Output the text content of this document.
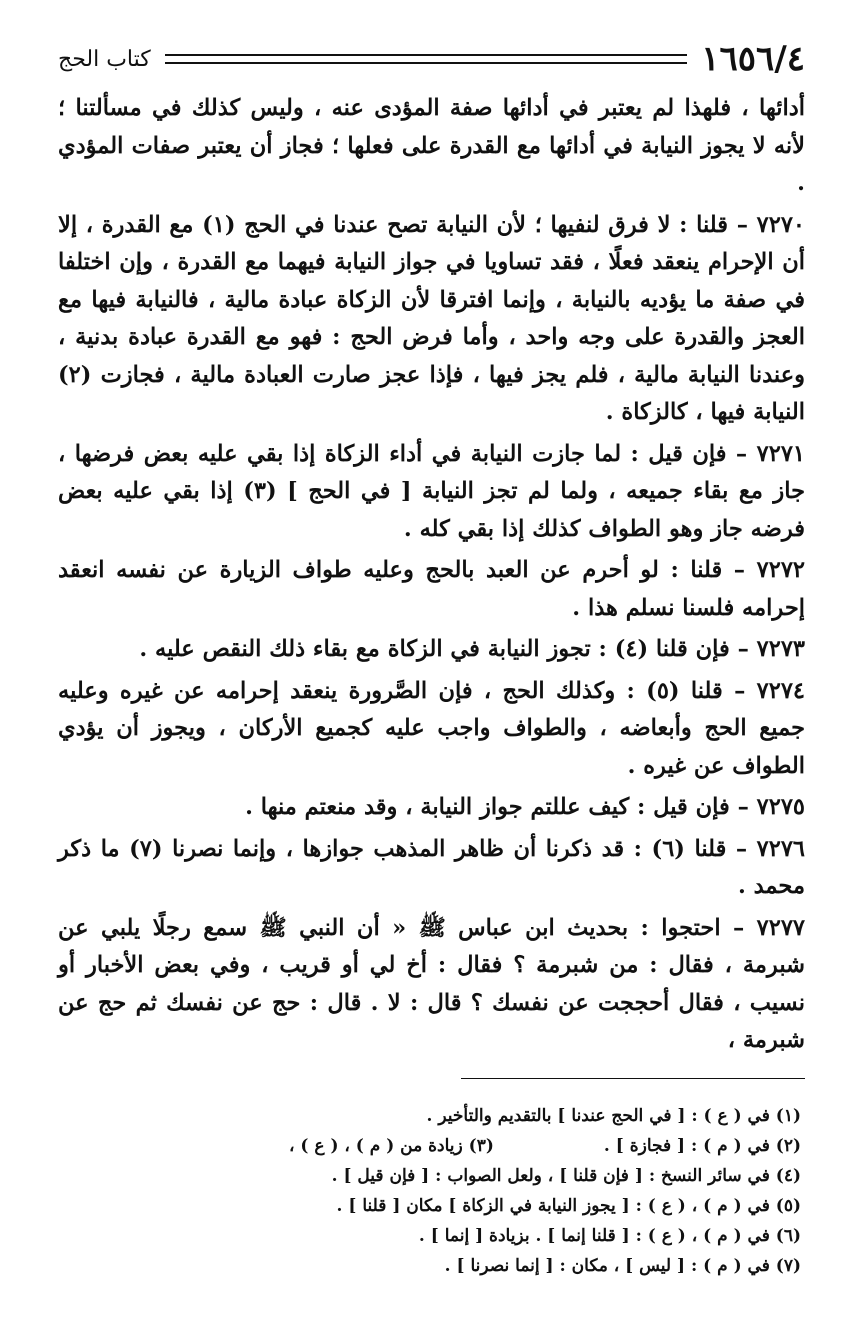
١٦٥٦/٤
كتاب الحج

أدائها ، فلهذا لم يعتبر في أدائها صفة المؤدى عنه ، وليس كذلك في مسألتنا ؛ لأنه لا يجوز النيابة في أدائها مع القدرة على فعلها ؛ فجاز أن يعتبر صفات المؤدي .

٧٢٧٠ – قلنا : لا فرق لنفيها ؛ لأن النيابة تصح عندنا في الحج (١) مع القدرة ، إلا أن الإحرام ينعقد فعلًا ، فقد تساويا في جواز النيابة فيهما مع القدرة ، وإن اختلفا في صفة ما يؤديه بالنيابة ، وإنما افترقا لأن الزكاة عبادة مالية ، فالنيابة فيها مع العجز والقدرة على وجه واحد ، وأما فرض الحج : فهو مع القدرة عبادة بدنية ، وعندنا النيابة مالية ، فلم يجز فيها ، فإذا عجز صارت العبادة مالية ، فجازت (٢) النيابة فيها ، كالزكاة .

٧٢٧١ – فإن قيل : لما جازت النيابة في أداء الزكاة إذا بقي عليه بعض فرضها ، جاز مع بقاء جميعه ، ولما لم تجز النيابة [ في الحج ] (٣) إذا بقي عليه بعض فرضه جاز وهو الطواف كذلك إذا بقي كله .

٧٢٧٢ – قلنا : لو أحرم عن العبد بالحج وعليه طواف الزيارة عن نفسه انعقد إحرامه فلسنا نسلم هذا .

٧٢٧٣ – فإن قلنا (٤) : تجوز النيابة في الزكاة مع بقاء ذلك النقص عليه .

٧٢٧٤ – قلنا (٥) : وكذلك الحج ، فإن الصَّرورة ينعقد إحرامه عن غيره وعليه جميع الحج وأبعاضه ، والطواف واجب عليه كجميع الأركان ، ويجوز أن يؤدي الطواف عن غيره .

٧٢٧٥ – فإن قيل : كيف عللتم جواز النيابة ، وقد منعتم منها .

٧٢٧٦ – قلنا (٦) : قد ذكرنا أن ظاهر المذهب جوازها ، وإنما نصرنا (٧) ما ذكر محمد .

٧٢٧٧ – احتجوا : بحديث ابن عباس ﷺ « أن النبي ﷺ سمع رجلًا يلبي عن شبرمة ، فقال : من شبرمة ؟ فقال : أخ لي أو قريب ، وفي بعض الأخبار أو نسيب ، فقال أحججت عن نفسك ؟ قال : لا . قال : حج عن نفسك ثم حج عن شبرمة ،

(١) في ( ع ) : [ في الحج عندنا ] بالتقديم والتأخير .
(٢) في ( م ) : [ فجازة ] .
(٣) زيادة من ( م ) ، ( ع ) ،
(٤) في سائر النسخ : [ فإن قلنا ] ، ولعل الصواب : [ فإن قيل ] .
(٥) في ( م ) ، ( ع ) : [ يجوز النيابة في الزكاة ] مكان [ قلنا ] .
(٦) في ( م ) ، ( ع ) : [ قلنا إنما ] . بزيادة [ إنما ] .
(٧) في ( م ) : [ ليس ] ، مكان : [ إنما نصرنا ] .
